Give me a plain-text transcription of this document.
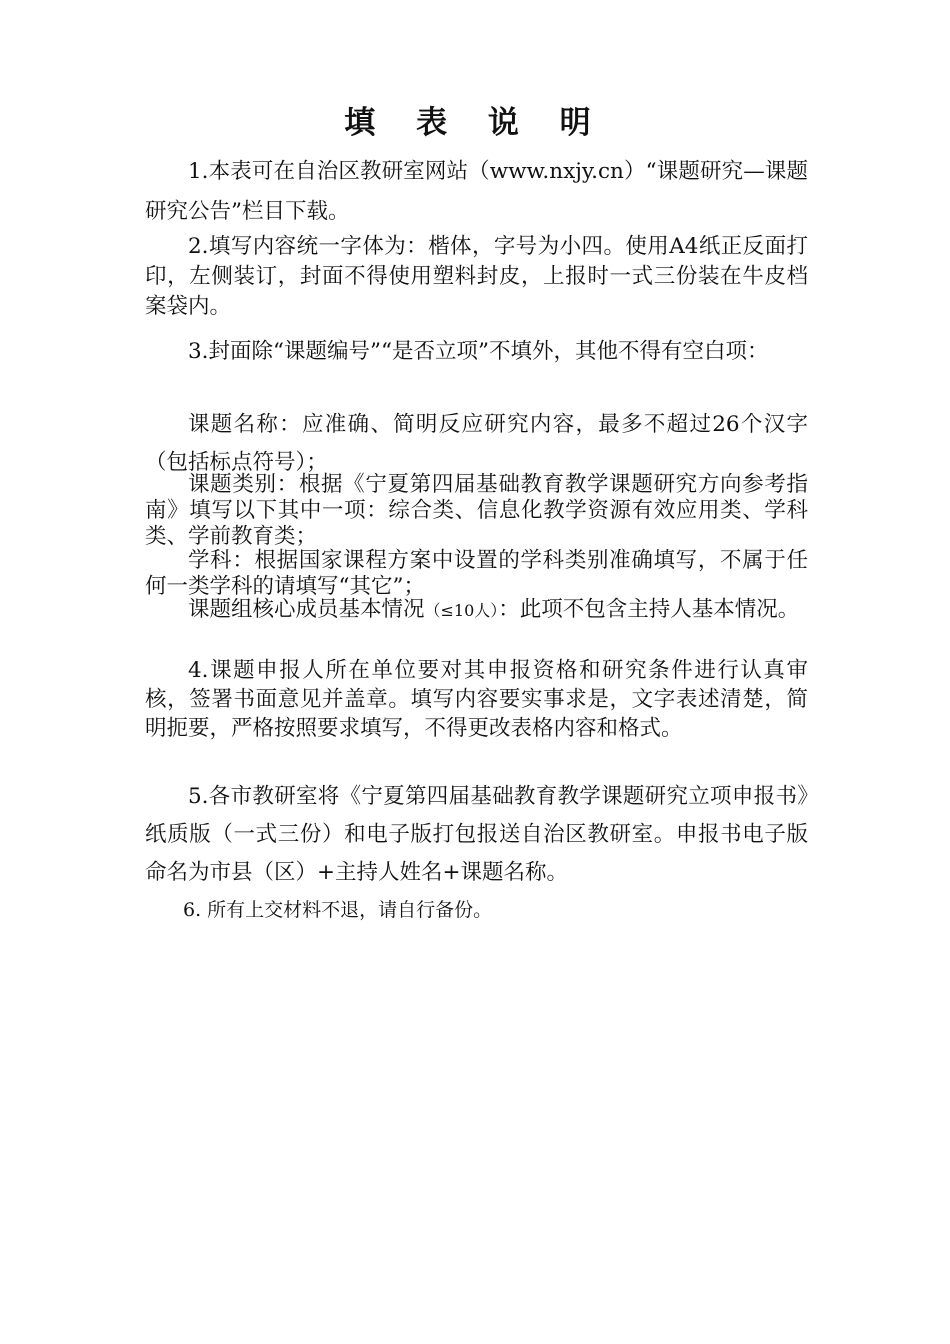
填 表 说 明

1.本表可在自治区教研室网站（www.nxjy.cn）“课题研究—课题研究公告”栏目下载。

2.填写内容统一字体为：楷体，字号为小四。使用A4纸正反面打印，左侧装订，封面不得使用塑料封皮，上报时一式三份装在牛皮档案袋内。

3.封面除“课题编号”“是否立项”不填外，其他不得有空白项：

课题名称：应准确、简明反应研究内容，最多不超过26个汉字（包括标点符号）；

课题类别：根据《宁夏第四届基础教育教学课题研究方向参考指南》填写以下其中一项：综合类、信息化教学资源有效应用类、学科类、学前教育类；

学科：根据国家课程方案中设置的学科类别准确填写，不属于任何一类学科的请填写“其它”；

课题组核心成员基本情况（≤10人）：此项不包含主持人基本情况。

4.课题申报人所在单位要对其申报资格和研究条件进行认真审核，签署书面意见并盖章。填写内容要实事求是，文字表述清楚，简明扼要，严格按照要求填写，不得更改表格内容和格式。

5.各市教研室将《宁夏第四届基础教育教学课题研究立项申报书》纸质版（一式三份）和电子版打包报送自治区教研室。申报书电子版命名为市县（区）+主持人姓名+课题名称。

6. 所有上交材料不退，请自行备份。
